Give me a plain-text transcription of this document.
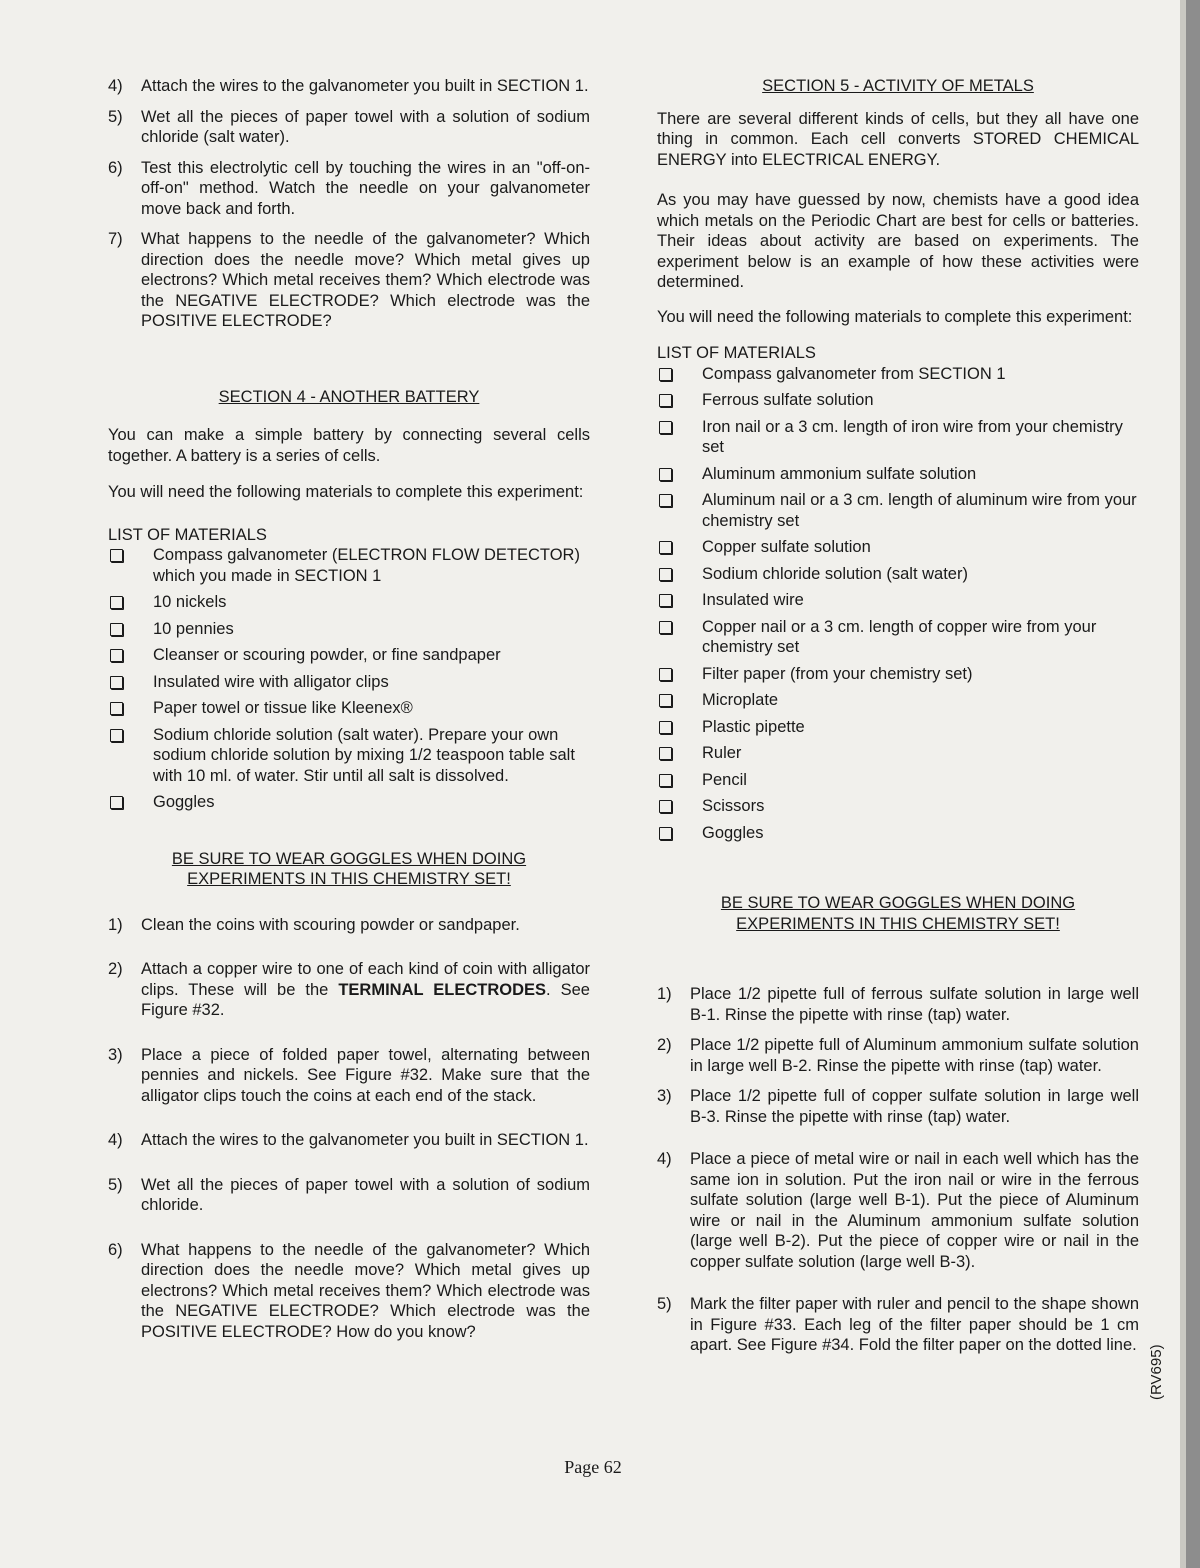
4)	Attach the wires to the galvanometer you built in SECTION 1.
5)	Wet all the pieces of paper towel with a solution of sodium chloride (salt water).
6)	Test this electrolytic cell by touching the wires in an "off-on-off-on" method. Watch the needle on your galvanometer move back and forth.
7)	What happens to the needle of the galvanometer? Which direction does the needle move? Which metal gives up electrons? Which metal receives them? Which electrode was the NEGATIVE ELECTRODE? Which electrode was the POSITIVE ELECTRODE?

SECTION 4 - ANOTHER BATTERY

You can make a simple battery by connecting several cells together. A battery is a series of cells.

You will need the following materials to complete this experiment:

LIST OF MATERIALS

Compass galvanometer (ELECTRON FLOW DETECTOR) which you made in SECTION 1
10 nickels
10 pennies
Cleanser or scouring powder, or fine sandpaper
Insulated wire with alligator clips
Paper towel or tissue like Kleenex®
Sodium chloride solution (salt water). Prepare your own sodium chloride solution by mixing 1/2 teaspoon table salt with 10 ml. of water. Stir until all salt is dissolved.
Goggles

BE SURE TO WEAR GOGGLES WHEN DOING

EXPERIMENTS IN THIS CHEMISTRY SET!

1)	Clean the coins with scouring powder or sandpaper.
2)	Attach a copper wire to one of each kind of coin with alligator clips. These will be the TERMINAL ELECTRODES. See Figure #32.
3)	Place a piece of folded paper towel, alternating between pennies and nickels. See Figure #32. Make sure that the alligator clips touch the coins at each end of the stack.
4)	Attach the wires to the galvanometer you built in SECTION 1.
5)	Wet all the pieces of paper towel with a solution of sodium chloride.
6)	What happens to the needle of the galvanometer? Which direction does the needle move? Which metal gives up electrons? Which metal receives them? Which electrode was the NEGATIVE ELECTRODE? Which electrode was the POSITIVE ELECTRODE? How do you know?

SECTION 5 - ACTIVITY OF METALS

There are several different kinds of cells, but they all have one thing in common. Each cell converts STORED CHEMICAL ENERGY into ELECTRICAL ENERGY.

As you may have guessed by now, chemists have a good idea which metals on the Periodic Chart are best for cells or batteries. Their ideas about activity are based on experiments. The experiment below is an example of how these activities were determined.

You will need the following materials to complete this experiment:

LIST OF MATERIALS

Compass galvanometer from SECTION 1
Ferrous sulfate solution
Iron nail or a 3 cm. length of iron wire from your chemistry set
Aluminum ammonium sulfate solution
Aluminum nail or a 3 cm. length of aluminum wire from your chemistry set
Copper sulfate solution
Sodium chloride solution (salt water)
Insulated wire
Copper nail or a 3 cm. length of copper wire from your chemistry set
Filter paper (from your chemistry set)
Microplate
Plastic pipette
Ruler
Pencil
Scissors
Goggles

BE SURE TO WEAR GOGGLES WHEN DOING

EXPERIMENTS IN THIS CHEMISTRY SET!

1)	Place 1/2 pipette full of ferrous sulfate solution in large well B-1. Rinse the pipette with rinse (tap) water.
2)	Place 1/2 pipette full of Aluminum ammonium sulfate solution in large well B-2. Rinse the pipette with rinse (tap) water.
3)	Place 1/2 pipette full of copper sulfate solution in large well B-3. Rinse the pipette with rinse (tap) water.
4)	Place a piece of metal wire or nail in each well which has the same ion in solution. Put the iron nail or wire in the ferrous sulfate solution (large well B-1). Put the piece of Aluminum wire or nail in the Aluminum ammonium sulfate solution (large well B-2). Put the piece of copper wire or nail in the copper sulfate solution (large well B-3).
5)	Mark the filter paper with ruler and pencil to the shape shown in Figure #33. Each leg of the filter paper should be 1 cm apart. See Figure #34. Fold the filter paper on the dotted line.
Page 62
(RV695)
